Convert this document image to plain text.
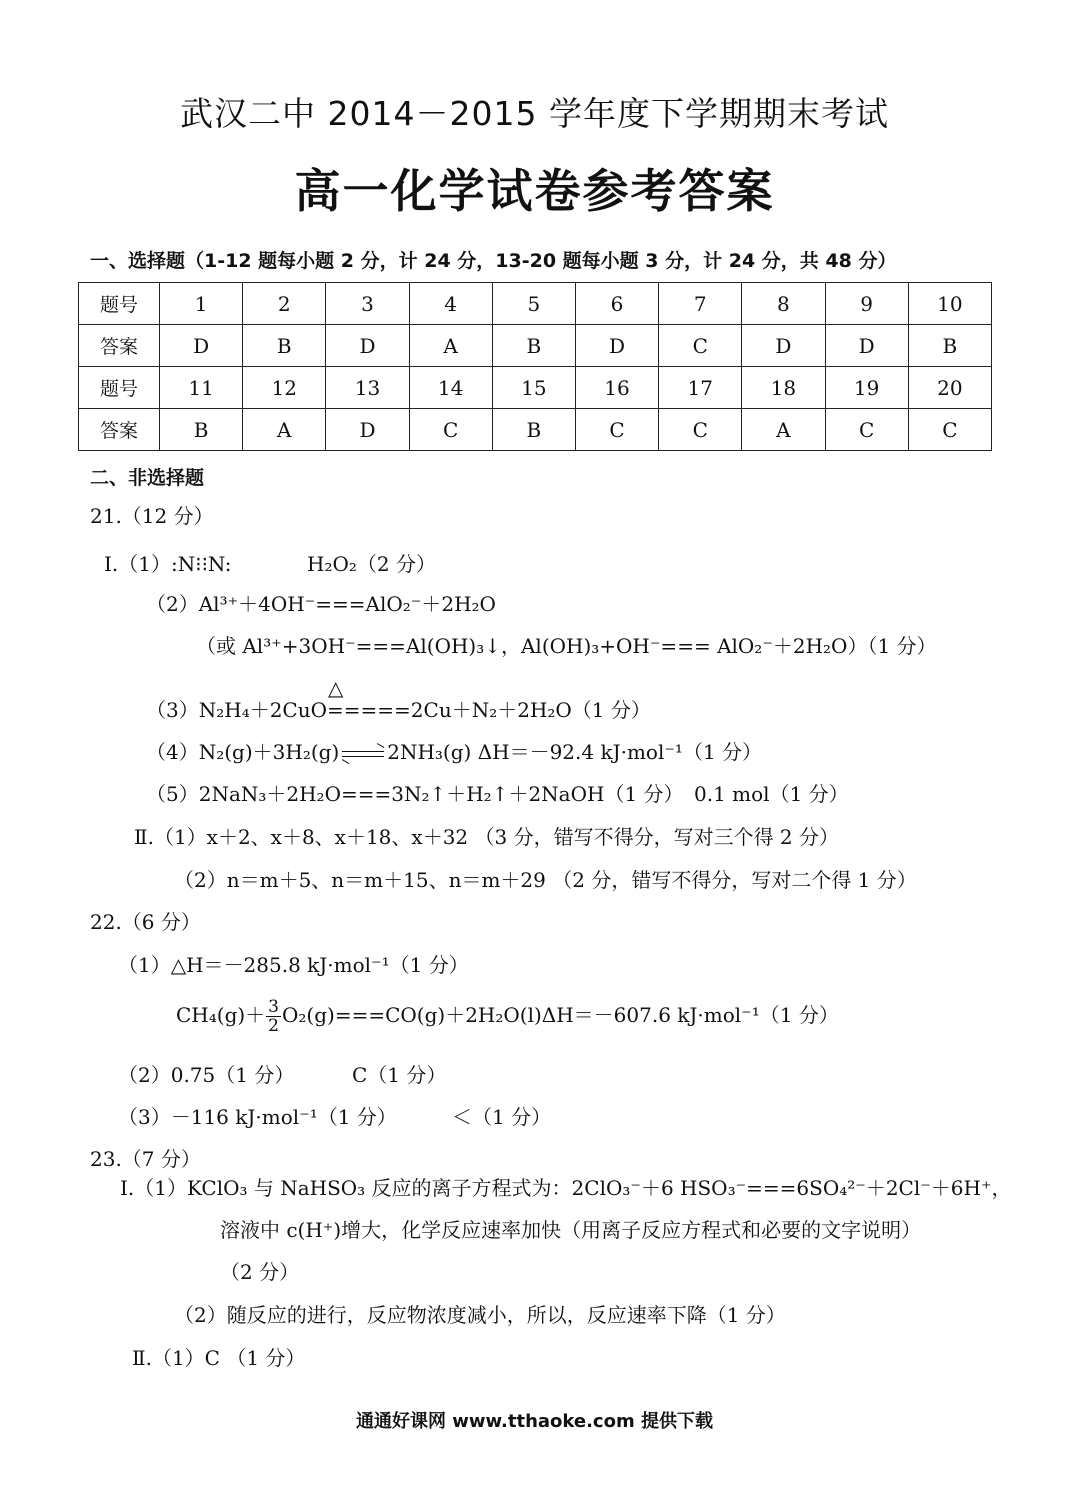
武汉二中 2014－2015 学年度下学期期末考试
高一化学试卷参考答案
一、选择题（1-12 题每小题 2 分，计 24 分，13-20 题每小题 3 分，计 24 分，共 48 分）
题号	1	2	3	4	5	6	7	8	9	10
答案	D	B	D	A	B	D	C	D	D	B
题号	11	12	13	14	15	16	17	18	19	20
答案	B	A	D	C	B	C	C	A	C	C
二、非选择题
21.（12 分）
Ⅰ.（1）:N⁝⁝N:	H₂O₂（2 分）
（2）Al³⁺＋4OH⁻===AlO₂⁻＋2H₂O
（或 Al³⁺+3OH⁻===Al(OH)₃↓，Al(OH)₃+OH⁻=== AlO₂⁻＋2H₂O）（1 分）
△
（3）N₂H₄＋2CuO=====2Cu＋N₂＋2H₂O（1 分）
（4）N₂(g)＋3H₂(g) ⇌ 2NH₃(g) ΔH＝－92.4 kJ·mol⁻¹（1 分）
（5）2NaN₃＋2H₂O===3N₂↑＋H₂↑＋2NaOH（1 分） 0.1 mol（1 分）
Ⅱ.（1）x＋2、x＋8、x＋18、x＋32 （3 分，错写不得分，写对三个得 2 分）
（2）n＝m＋5、n＝m＋15、n＝m＋29 （2 分，错写不得分，写对二个得 1 分）
22.（6 分）
（1）△H＝－285.8 kJ·mol⁻¹（1 分）
$CH_4(g)+ \frac{3}{2} O_2(g)===CO(g)+2H_2O(l)\Delta H=-607.6$ kJ·mol⁻¹（1 分）
（2）0.75（1 分）	C（1 分）
（3）－116 kJ·mol⁻¹（1 分）	＜（1 分）
23.（7 分）
Ⅰ.（1）KClO₃ 与 NaHSO₃ 反应的离子方程式为：2ClO₃⁻＋6 HSO₃⁻===6SO₄²⁻＋2Cl⁻＋6H⁺，
溶液中 c(H⁺)增大，化学反应速率加快（用离子反应方程式和必要的文字说明）
（2 分）
（2）随反应的进行，反应物浓度减小，所以，反应速率下降（1 分）
Ⅱ.（1）C （1 分）
通通好课网 www.tthaoke.com 提供下载
